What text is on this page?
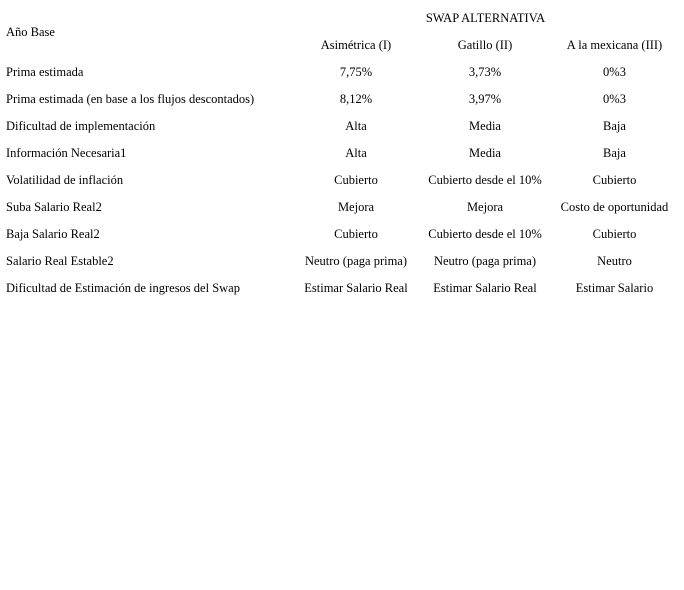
Año Base	SWAP ALTERNATIVA		
	Asimétrica (I)	Gatillo (II)	A la mexicana (III)
Prima estimada	7,75%	3,73%	0%3
Prima estimada (en base a los flujos descontados)	8,12%	3,97%	0%3
Dificultad de implementación	Alta	Media	Baja
Información Necesaria1	Alta	Media	Baja
Volatilidad de inflación	Cubierto	Cubierto desde el 10%	Cubierto
Suba Salario Real2	Mejora	Mejora	Costo de oportunidad
Baja Salario Real2	Cubierto	Cubierto desde el 10%	Cubierto
Salario Real Estable2	Neutro (paga prima)	Neutro (paga prima)	Neutro
Dificultad de Estimación de ingresos del Swap	Estimar Salario Real	Estimar Salario Real	Estimar Salario
